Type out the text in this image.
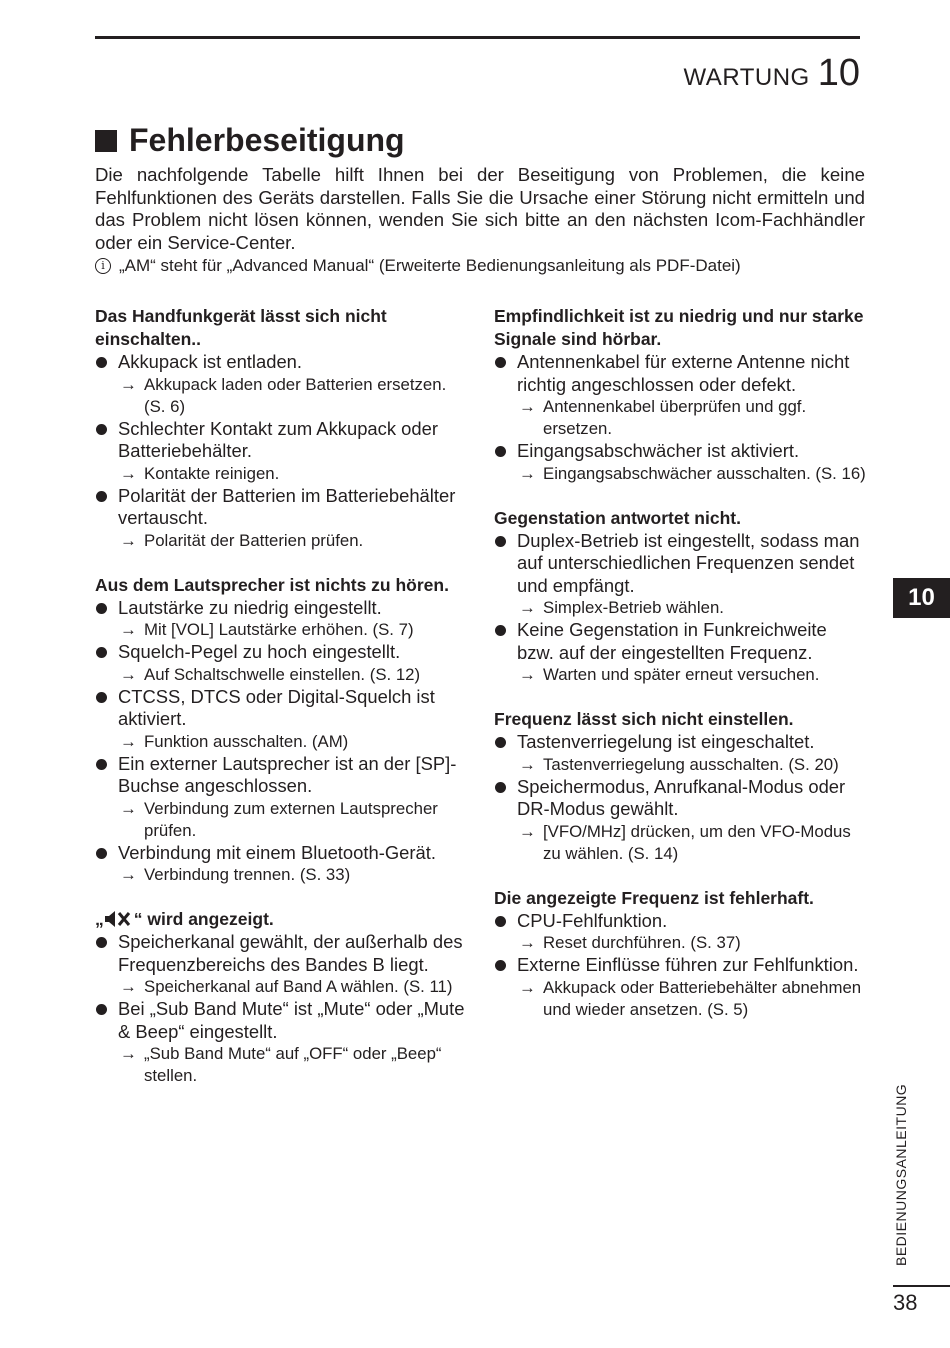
WARTUNG 10
Fehlerbeseitigung
Die nachfolgende Tabelle hilft Ihnen bei der Beseitigung von Problemen, die keine Fehlfunktionen des Geräts darstellen. Falls Sie die Ursache einer Störung nicht ermitteln und das Problem nicht lösen können, wenden Sie sich bitte an den nächsten Icom-Fachhändler oder ein Service-Center.
i „AM“ steht für „Advanced Manual“ (Erweiterte Bedienungsanleitung als PDF-Datei)
Das Handfunkgerät lässt sich nicht einschalten..
Akkupack ist entladen.
→ Akkupack laden oder Batterien ersetzen. (S. 6)
Schlechter Kontakt zum Akkupack oder Batteriebehälter.
→ Kontakte reinigen.
Polarität der Batterien im Batteriebehälter vertauscht.
→ Polarität der Batterien prüfen.
Aus dem Lautsprecher ist nichts zu hören.
Lautstärke zu niedrig eingestellt.
→ Mit [VOL] Lautstärke erhöhen. (S. 7)
Squelch-Pegel zu hoch eingestellt.
→ Auf Schaltschwelle einstellen. (S. 12)
CTCSS, DTCS oder Digital-Squelch ist aktiviert.
→ Funktion ausschalten. (AM)
Ein externer Lautsprecher ist an der [SP]-Buchse angeschlossen.
→ Verbindung zum externen Lautsprecher prüfen.
Verbindung mit einem Bluetooth-Gerät.
→ Verbindung trennen. (S. 33)
„ “ wird angezeigt.
Speicherkanal gewählt, der außerhalb des Frequenzbereichs des Bandes B liegt.
→ Speicherkanal auf Band A wählen. (S. 11)
Bei „Sub Band Mute“ ist „Mute“ oder „Mute & Beep“ eingestellt.
→ „Sub Band Mute“ auf „OFF“ oder „Beep“ stellen.
Empfindlichkeit ist zu niedrig und nur starke Signale sind hörbar.
Antennenkabel für externe Antenne nicht richtig angeschlossen oder defekt.
→ Antennenkabel überprüfen und ggf. ersetzen.
Eingangsabschwächer ist aktiviert.
→ Eingangsabschwächer ausschalten. (S. 16)
Gegenstation antwortet nicht.
Duplex-Betrieb ist eingestellt, sodass man auf unterschiedlichen Frequenzen sendet und empfängt.
→ Simplex-Betrieb wählen.
Keine Gegenstation in Funkreichweite bzw. auf der eingestellten Frequenz.
→ Warten und später erneut versuchen.
Frequenz lässt sich nicht einstellen.
Tastenverriegelung ist eingeschaltet.
→ Tastenverriegelung ausschalten. (S. 20)
Speichermodus, Anrufkanal-Modus oder DR-Modus gewählt.
→ [VFO/MHz] drücken, um den VFO-Modus zu wählen. (S. 14)
Die angezeigte Frequenz ist fehlerhaft.
CPU-Fehlfunktion.
→ Reset durchführen. (S. 37)
Externe Einflüsse führen zur Fehlfunktion.
→ Akkupack oder Batteriebehälter abnehmen und wieder ansetzen. (S. 5)
10
BEDIENUNGSANLEITUNG
38
